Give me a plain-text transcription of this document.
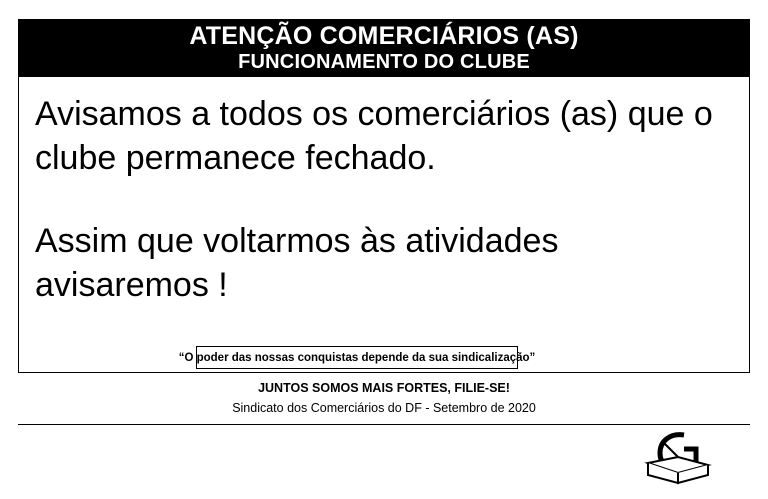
ATENÇÃO COMERCIÁRIOS (AS)
FUNCIONAMENTO DO CLUBE

Avisamos a todos os comerciários (as) que o clube permanece fechado.

Assim que voltarmos às atividades avisaremos !

“O poder das nossas conquistas depende da sua sindicalização”
JUNTOS SOMOS MAIS FORTES, FILIE-SE!
Sindicato dos Comerciários do DF - Setembro de 2020
